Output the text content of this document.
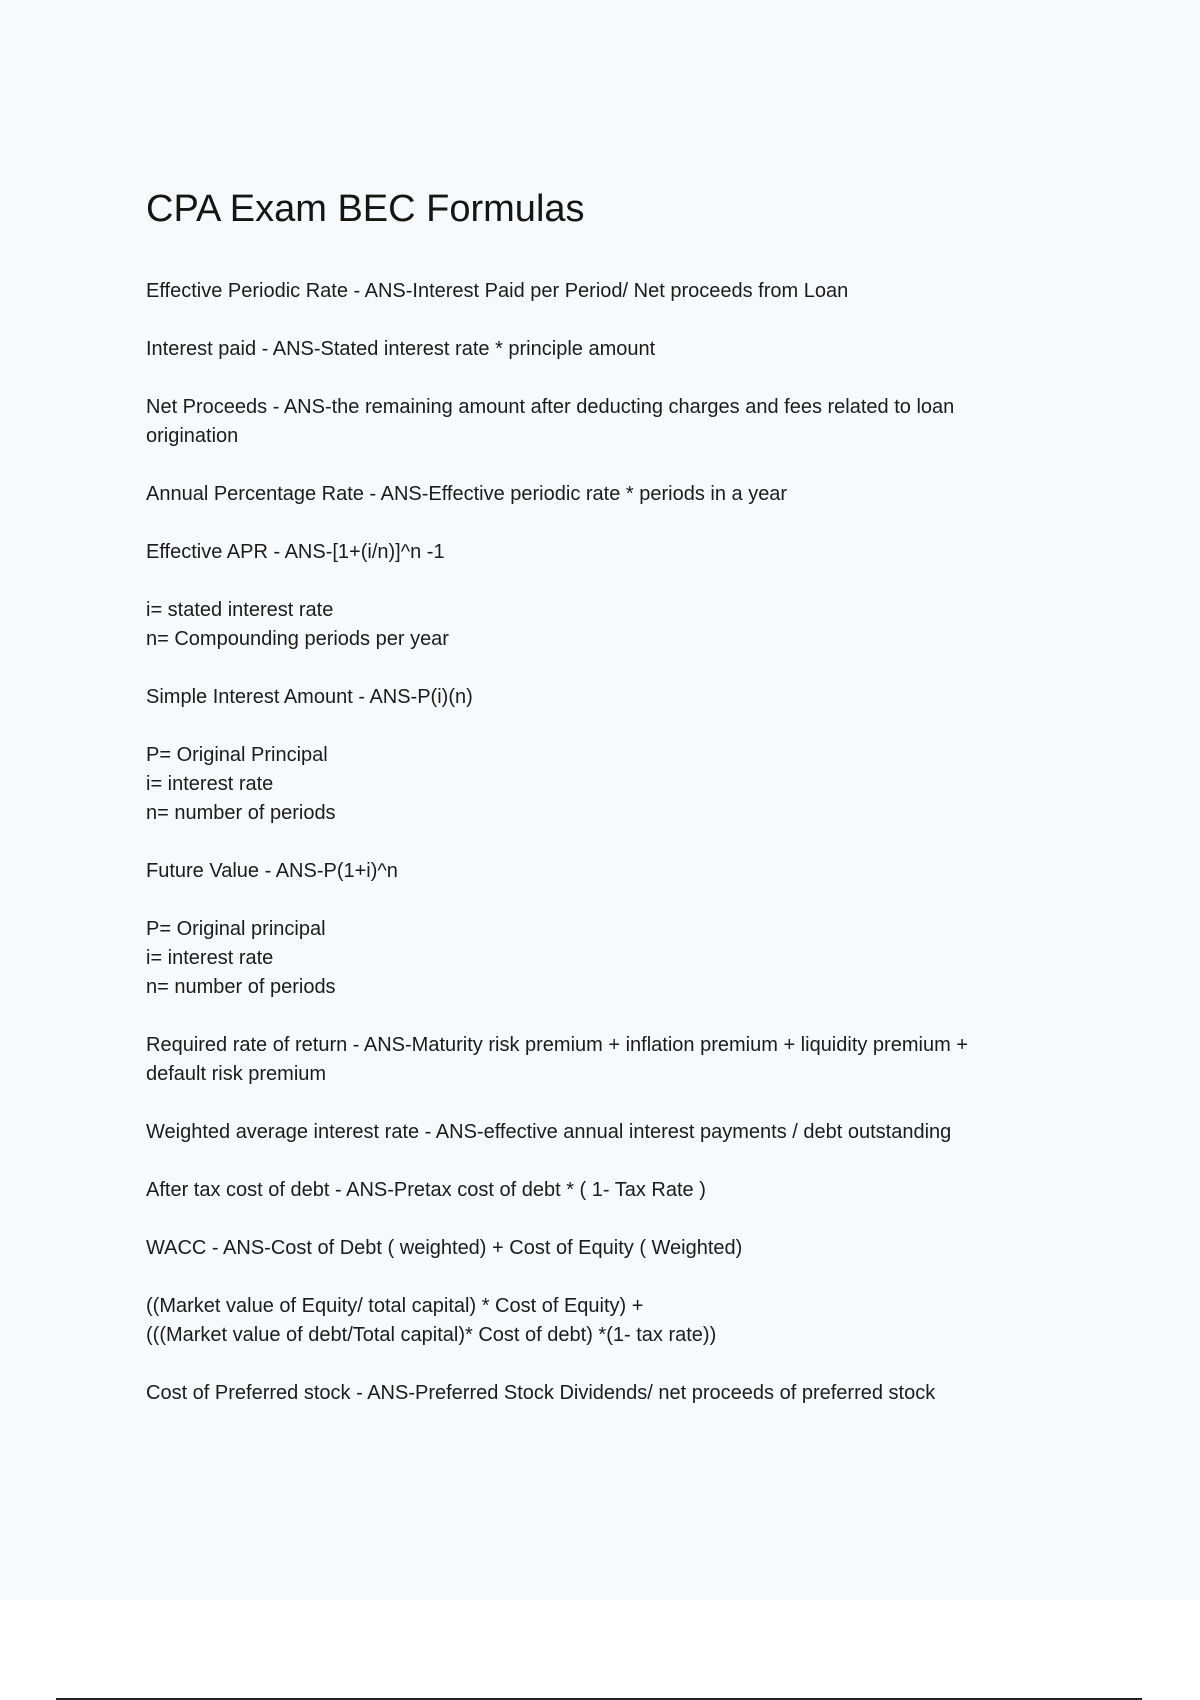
CPA Exam BEC Formulas
Effective Periodic Rate - ANS-Interest Paid per Period/ Net proceeds from Loan
Interest paid - ANS-Stated interest rate * principle amount
Net Proceeds - ANS-the remaining amount after deducting charges and fees related to loan
origination
Annual Percentage Rate - ANS-Effective periodic rate * periods in a year
Effective APR - ANS-[1+(i/n)]^n -1
i= stated interest rate
n= Compounding periods per year
Simple Interest Amount - ANS-P(i)(n)
P= Original Principal
i= interest rate
n= number of periods
Future Value - ANS-P(1+i)^n
P= Original principal
i= interest rate
n= number of periods
Required rate of return - ANS-Maturity risk premium + inflation premium + liquidity premium +
default risk premium
Weighted average interest rate - ANS-effective annual interest payments / debt outstanding
After tax cost of debt - ANS-Pretax cost of debt * ( 1- Tax Rate )
WACC - ANS-Cost of Debt ( weighted) + Cost of Equity ( Weighted)
((Market value of Equity/ total capital) * Cost of Equity) +
(((Market value of debt/Total capital)* Cost of debt) *(1- tax rate))
Cost of Preferred stock - ANS-Preferred Stock Dividends/ net proceeds of preferred stock
